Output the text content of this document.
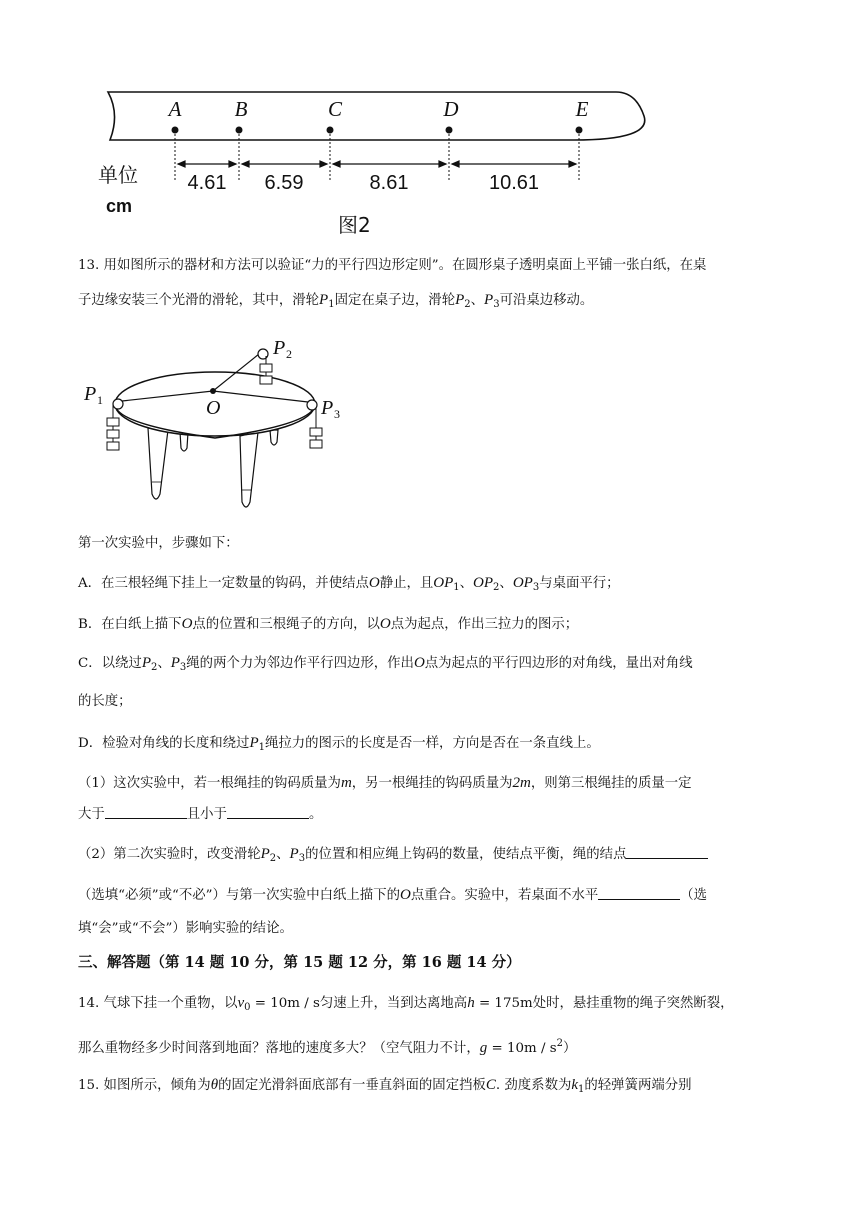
A	B	C	D	E
4.61 6.59	8.61	10.61
单位
cm
图2
13. 用如图所示的器材和方法可以验证“力的平行四边形定则”。在圆形桌子透明桌面上平铺一张白纸，在桌
子边缘安装三个光滑的滑轮，其中，滑轮$P_1$固定在桌子边，滑轮$P_2$、$P_3$可沿桌边移动。
P
P
P
O
1
2
3
第一次实验中，步骤如下：
A．在三根轻绳下挂上一定数量的钩码，并使结点O静止，且$OP_1$、$OP_2$、$OP_3$与桌面平行；
B．在白纸上描下O点的位置和三根绳子的方向，以O点为起点，作出三拉力的图示；
C．以绕过$P_2$、$P_3$绳的两个力为邻边作平行四边形，作出O点为起点的平行四边形的对角线，量出对角线
的长度；
D．检验对角线的长度和绕过$P_1$绳拉力的图示的长度是否一样，方向是否在一条直线上。
（1）这次实验中，若一根绳挂的钩码质量为m，另一根绳挂的钩码质量为2m，则第三根绳挂的质量一定
大于	且小于	。
（2）第二次实验时，改变滑轮$P_2$、$P_3$的位置和相应绳上钩码的数量，使结点平衡，绳的结点
（选填“必须”或“不必”）与第一次实验中白纸上描下的O点重合。实验中，若桌面不水平	（选
填“会”或“不会”）影响实验的结论。
三、解答题（第 14 题 10 分，第 15 题 12 分，第 16 题 14 分）
14. 气球下挂一个重物，以$v_0 = 10m / s$匀速上升，当到达离地高h = 175m处时，悬挂重物的绳子突然断裂，
那么重物经多少时间落到地面？落地的速度多大？（空气阻力不计，$g = 10m / s^2$）
15. 如图所示，倾角为θ的固定光滑斜面底部有一垂直斜面的固定挡板C. 劲度系数为$k_1$的轻弹簧两端分别
